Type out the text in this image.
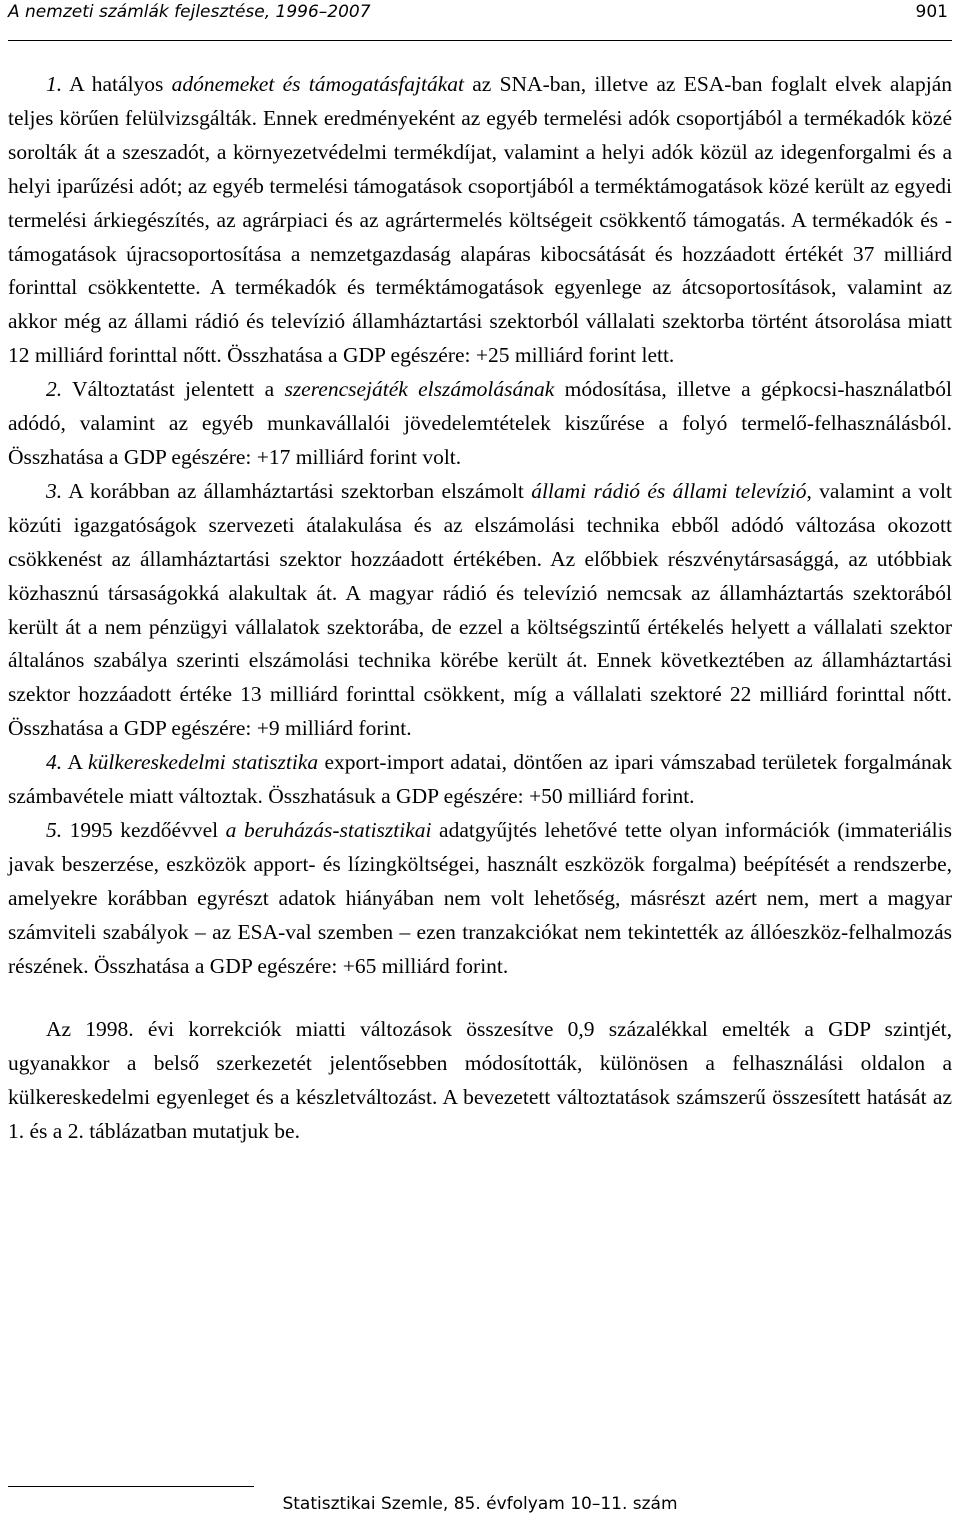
A nemzeti számlák fejlesztése, 1996–2007	901

1. A hatályos adónemeket és támogatásfajtákat az SNA-ban, illetve az ESA-ban foglalt elvek alapján teljes körűen felülvizsgálták. Ennek eredményeként az egyéb termelési adók csoportjából a termékadók közé sorolták át a szeszadót, a környezetvédelmi termékdíjat, valamint a helyi adók közül az idegenforgalmi és a helyi iparűzési adót; az egyéb termelési támogatások csoportjából a terméktámogatások közé került az egyedi termelési árkiegészítés, az agrárpiaci és az agrártermelés költségeit csökkentő támogatás. A termékadók és -támogatások újracsoportosítása a nemzetgazdaság alapáras kibocsátását és hozzáadott értékét 37 milliárd forinttal csökkentette. A termékadók és terméktámogatások egyenlege az átcsoportosítások, valamint az akkor még az állami rádió és televízió államháztartási szektorból vállalati szektorba történt átsorolása miatt 12 milliárd forinttal nőtt. Összhatása a GDP egészére: +25 milliárd forint lett.

2. Változtatást jelentett a szerencsejáték elszámolásának módosítása, illetve a gépkocsi-használatból adódó, valamint az egyéb munkavállalói jövedelemtételek kiszűrése a folyó termelő-felhasználásból. Összhatása a GDP egészére: +17 milliárd forint volt.

3. A korábban az államháztartási szektorban elszámolt állami rádió és állami televízió, valamint a volt közúti igazgatóságok szervezeti átalakulása és az elszámolási technika ebből adódó változása okozott csökkenést az államháztartási szektor hozzáadott értékében. Az előbbiek részvénytársasággá, az utóbbiak közhasznú társaságokká alakultak át. A magyar rádió és televízió nemcsak az államháztartás szektorából került át a nem pénzügyi vállalatok szektorába, de ezzel a költségszintű értékelés helyett a vállalati szektor általános szabálya szerinti elszámolási technika körébe került át. Ennek következtében az államháztartási szektor hozzáadott értéke 13 milliárd forinttal csökkent, míg a vállalati szektoré 22 milliárd forinttal nőtt. Összhatása a GDP egészére: +9 milliárd forint.

4. A külkereskedelmi statisztika export-import adatai, döntően az ipari vámszabad területek forgalmának számbavétele miatt változtak. Összhatásuk a GDP egészére: +50 milliárd forint.

5. 1995 kezdőévvel a beruházás-statisztikai adatgyűjtés lehetővé tette olyan információk (immateriális javak beszerzése, eszközök apport- és lízingköltségei, használt eszközök forgalma) beépítését a rendszerbe, amelyekre korábban egyrészt adatok hiányában nem volt lehetőség, másrészt azért nem, mert a magyar számviteli szabályok – az ESA-val szemben – ezen tranzakciókat nem tekintették az állóeszköz-felhalmozás részének. Összhatása a GDP egészére: +65 milliárd forint.

Az 1998. évi korrekciók miatti változások összesítve 0,9 százalékkal emelték a GDP szintjét, ugyanakkor a belső szerkezetét jelentősebben módosították, különösen a felhasználási oldalon a külkereskedelmi egyenleget és a készletváltozást. A bevezetett változtatások számszerű összesített hatását az 1. és a 2. táblázatban mutatjuk be.

Statisztikai Szemle, 85. évfolyam 10–11. szám
